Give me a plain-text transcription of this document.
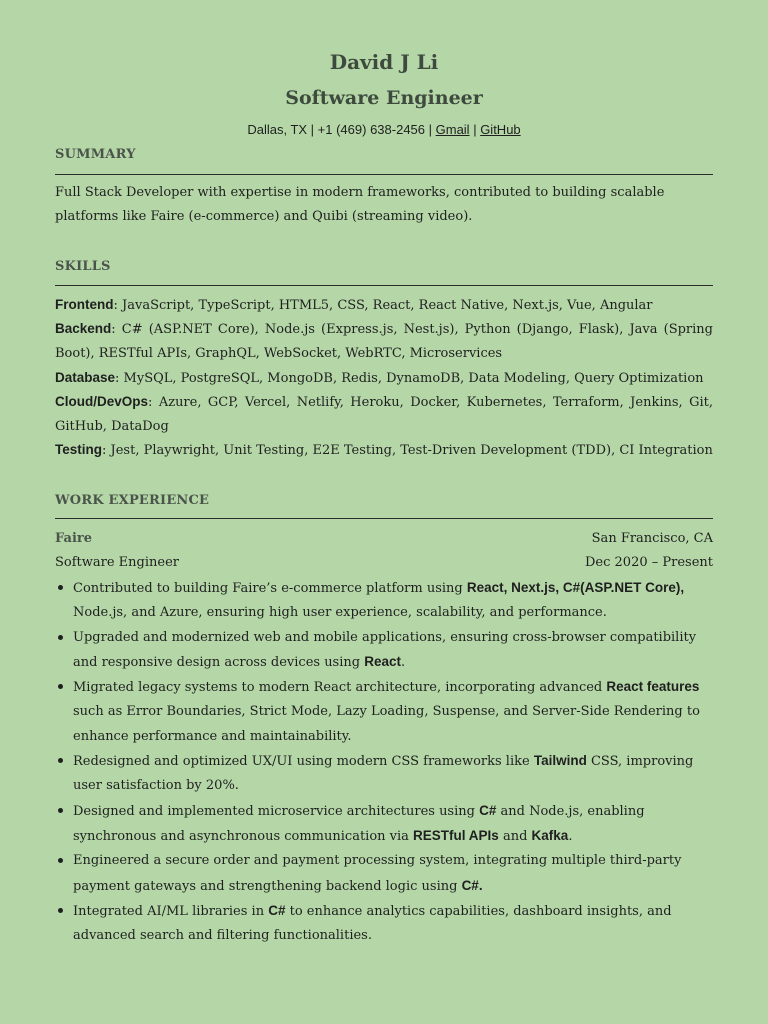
David J Li
Software Engineer
Dallas, TX | +1 (469) 638-2456 | Gmail | GitHub
SUMMARY
Full Stack Developer with expertise in modern frameworks, contributed to building scalable platforms like Faire (e-commerce) and Quibi (streaming video).
SKILLS
Frontend: JavaScript, TypeScript, HTML5, CSS, React, React Native, Next.js, Vue, Angular
Backend: C# (ASP.NET Core), Node.js (Express.js, Nest.js), Python (Django, Flask), Java (Spring Boot), RESTful APIs, GraphQL, WebSocket, WebRTC, Microservices
Database: MySQL, PostgreSQL, MongoDB, Redis, DynamoDB, Data Modeling, Query Optimization
Cloud/DevOps: Azure, GCP, Vercel, Netlify, Heroku, Docker, Kubernetes, Terraform, Jenkins, Git, GitHub, DataDog
Testing: Jest, Playwright, Unit Testing, E2E Testing, Test-Driven Development (TDD), CI Integration
WORK EXPERIENCE
Faire	San Francisco, CA
Software Engineer	Dec 2020 – Present
Contributed to building Faire’s e-commerce platform using React, Next.js, C#(ASP.NET Core), Node.js, and Azure, ensuring high user experience, scalability, and performance.
Upgraded and modernized web and mobile applications, ensuring cross-browser compatibility and responsive design across devices using React.
Migrated legacy systems to modern React architecture, incorporating advanced React features such as Error Boundaries, Strict Mode, Lazy Loading, Suspense, and Server-Side Rendering to enhance performance and maintainability.
Redesigned and optimized UX/UI using modern CSS frameworks like Tailwind CSS, improving user satisfaction by 20%.
Designed and implemented microservice architectures using C# and Node.js, enabling synchronous and asynchronous communication via RESTful APIs and Kafka.
Engineered a secure order and payment processing system, integrating multiple third-party payment gateways and strengthening backend logic using C#.
Integrated AI/ML libraries in C# to enhance analytics capabilities, dashboard insights, and advanced search and filtering functionalities.
